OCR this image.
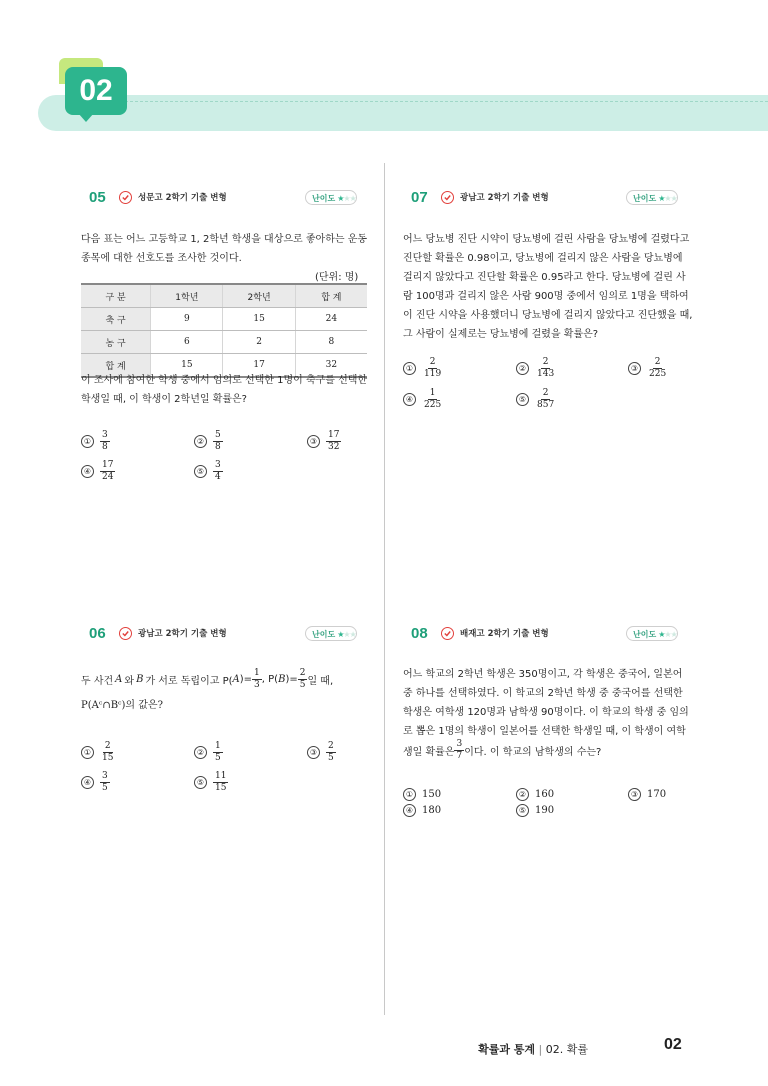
02
05	성문고 2학기 기출 변형	난이도 ★★★
다음 표는 어느 고등학교 1, 2학년 학생을 대상으로 좋아하는 운동
종목에 대한 선호도를 조사한 것이다.
(단위: 명)
구 분	1학년	2학년	합 계
축 구	9	15	24
농 구	6	2	8
합 계	15	17	32
이 조사에 참여한 학생 중에서 임의로 선택한 1명이 축구를 선택한
학생일 때, 이 학생이 2학년일 확률은?
① $\frac{3}{8}$	② $\frac{5}{8}$	③ $\frac{17}{32}$
④ $\frac{17}{24}$	⑤ $\frac{3}{4}$
06	광남고 2학기 기출 변형	난이도 ★★★
두 사건 A 와 B 가 서로 독립이고 P( A )= $\frac{1}{3}$ , P( B )= $\frac{2}{5}$ 일 때,
P(Aᶜ∩Bᶜ)의 값은?
① $\frac{2}{15}$	② $\frac{1}{5}$	③ $\frac{2}{5}$
④ $\frac{3}{5}$	⑤ $\frac{11}{15}$
07	광남고 2학기 기출 변형	난이도 ★★★
어느 당뇨병 진단 시약이 당뇨병에 걸린 사람을 당뇨병에 걸렸다고
진단할 확률은 0.98이고, 당뇨병에 걸리지 않은 사람을 당뇨병에
걸리지 않았다고 진단할 확률은 0.95라고 한다. 당뇨병에 걸린 사
람 100명과 걸리지 않은 사람 900명 중에서 임의로 1명을 택하여
이 진단 시약을 사용했더니 당뇨병에 걸리지 않았다고 진단했을 때,
그 사람이 실제로는 당뇨병에 걸렸을 확률은?
① $\frac{2}{119}$	② $\frac{2}{143}$	③ $\frac{2}{225}$
④ $\frac{1}{225}$	⑤ $\frac{2}{857}$
08	배재고 2학기 기출 변형	난이도 ★★★
어느 학교의 2학년 학생은 350명이고, 각 학생은 중국어, 일본어
중 하나를 선택하였다. 이 학교의 2학년 학생 중 중국어를 선택한
학생은 여학생 120명과 남학생 90명이다. 이 학교의 학생 중 임의
로 뽑은 1명의 학생이 일본어를 선택한 학생일 때, 이 학생이 여학
생일 확률은 $\frac{3}{7}$ 이다. 이 학교의 남학생의 수는?
① 150	② 160	③ 170
④ 180	⑤ 190
확률과 통계 | 02. 확률	02
